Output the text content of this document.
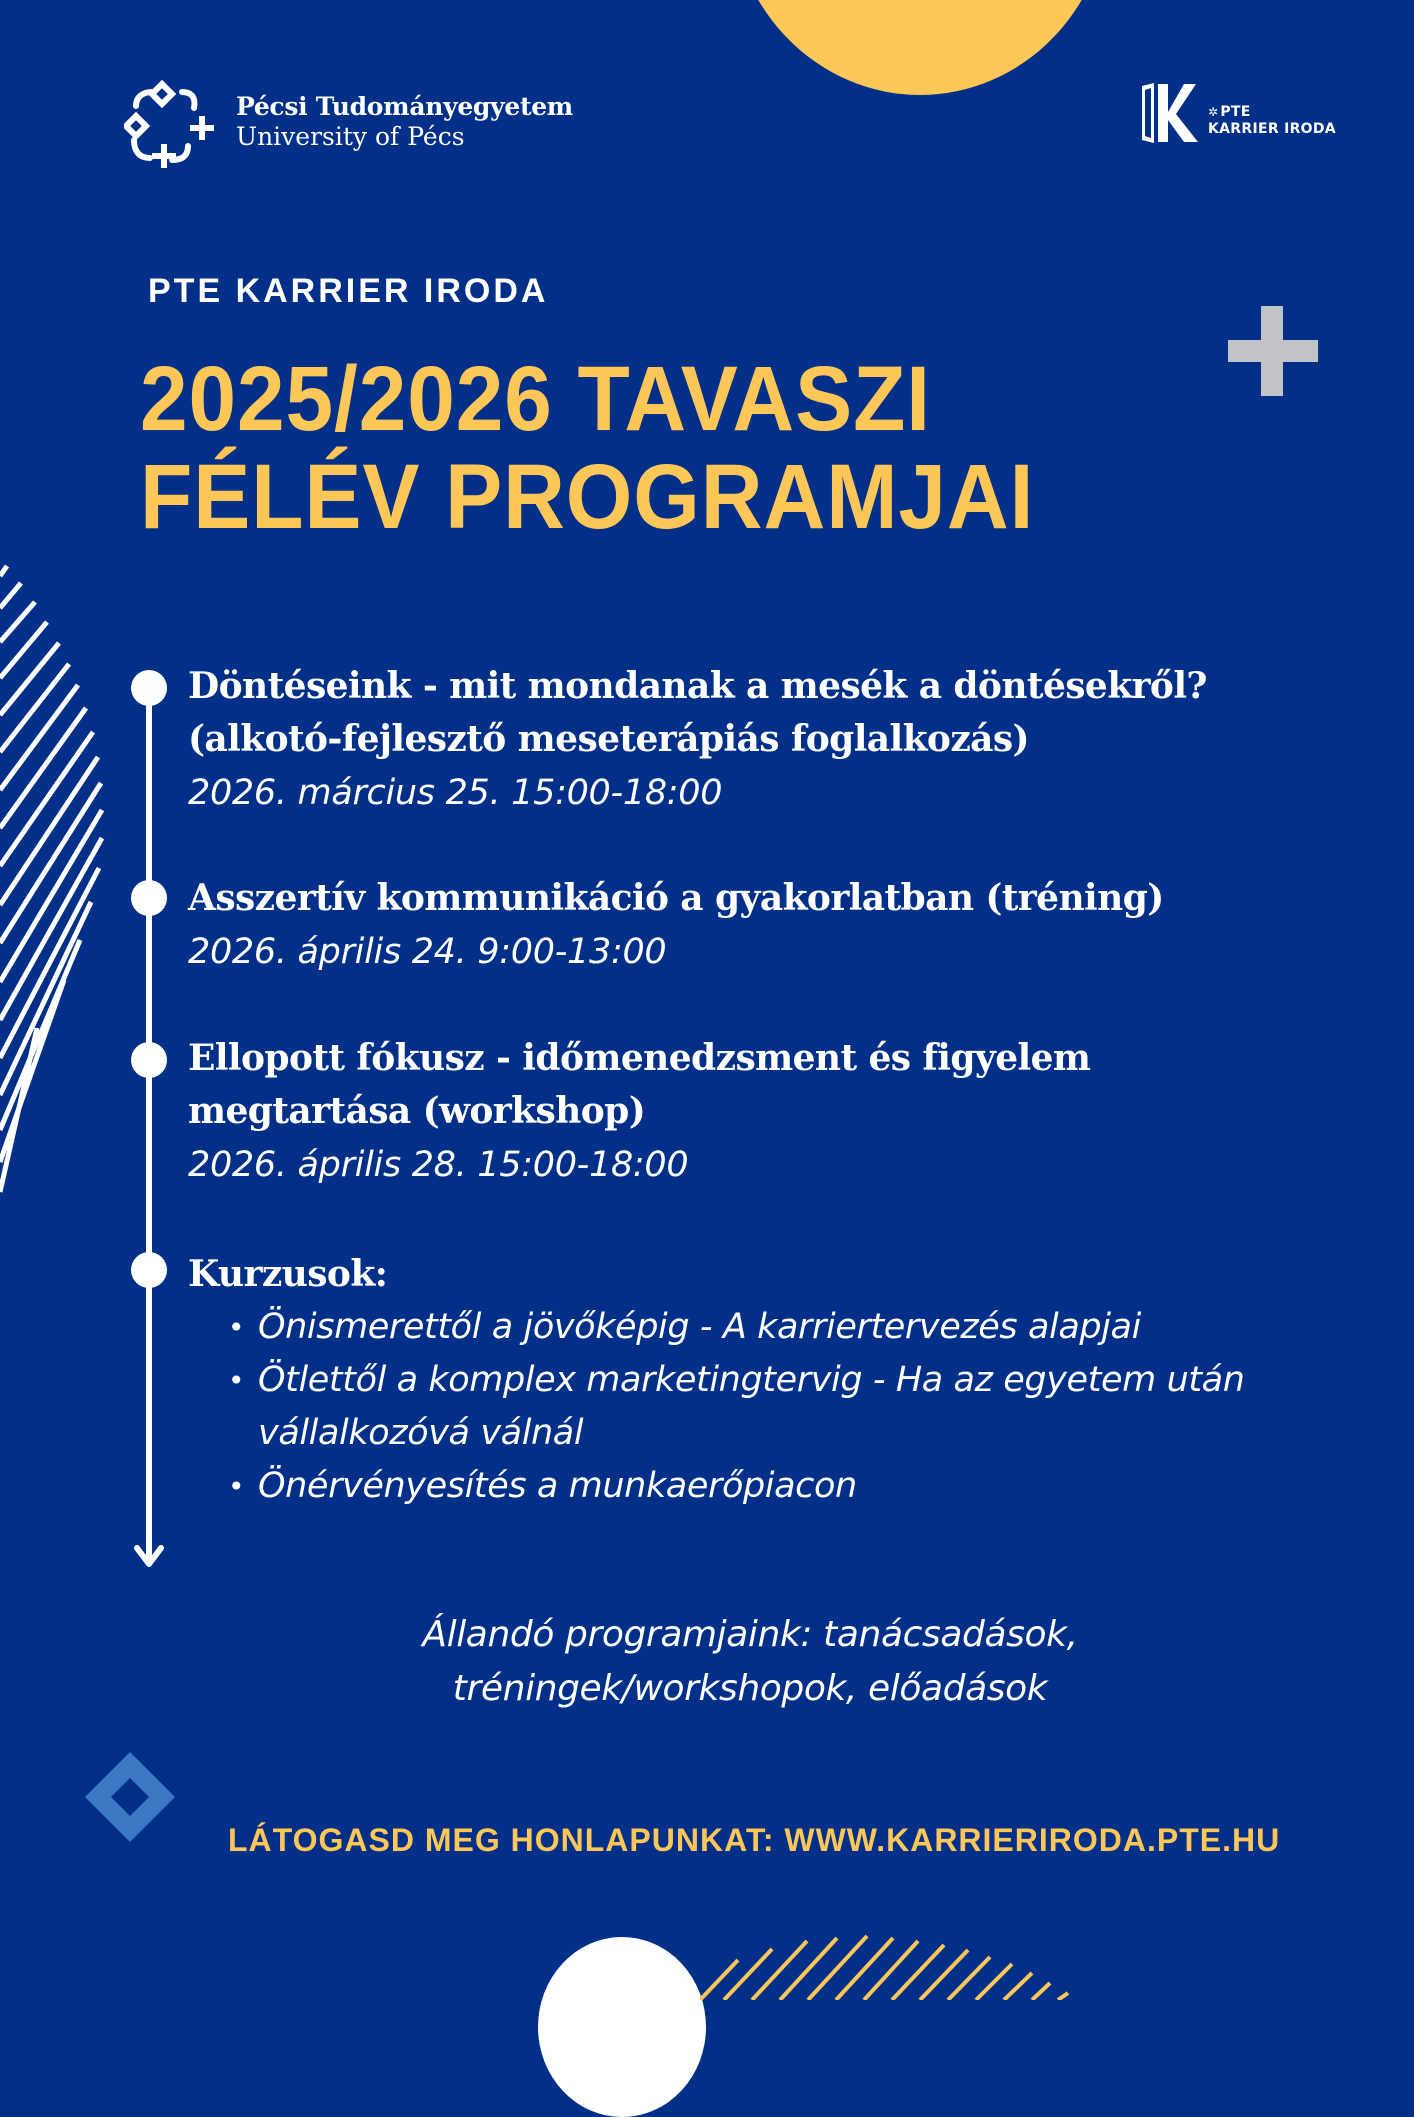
Pécsi Tudományegyetem
University of Pécs
✲ PTE
KARRIER IRODA
PTE KARRIER IRODA
2025/2026 TAVASZI
FÉLÉV PROGRAMJAI
Döntéseink - mit mondanak a mesék a döntésekről?
(alkotó-fejlesztő meseterápiás foglalkozás)
2026. március 25. 15:00-18:00
Asszertív kommunikáció a gyakorlatban (tréning)
2026. április 24. 9:00-13:00
Ellopott fókusz - időmenedzsment és figyelem
megtartása (workshop)
2026. április 28. 15:00-18:00
Kurzusok:
• Önismerettől a jövőképig - A karriertervezés alapjai
• Ötlettől a komplex marketingtervig - Ha az egyetem után vállalkozóvá válnál
• Önérvényesítés a munkaerőpiacon
Állandó programjaink: tanácsadások,
tréningek/workshopok, előadások
LÁTOGASD MEG HONLAPUNKAT: WWW.KARRIERIRODA.PTE.HU
